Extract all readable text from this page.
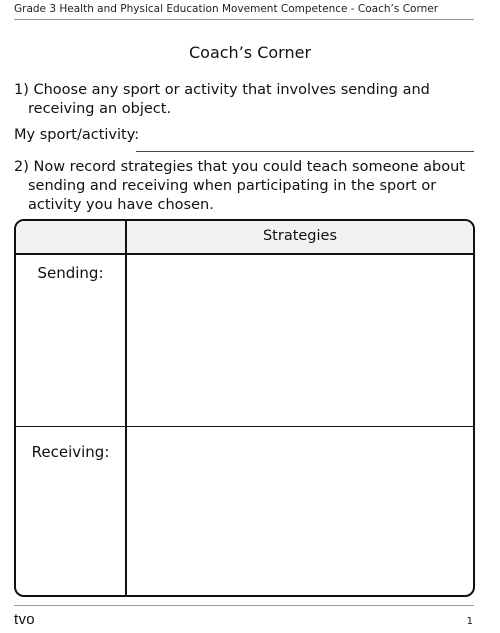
Grade 3 Health and Physical Education Movement Competence - Coach’s Corner
Coach’s Corner
1) Choose any sport or activity that involves sending and receiving an object.
My sport/activity:
2) Now record strategies that you could teach someone about sending and receiving when participating in the sport or activity you have chosen.
Strategies
Sending:
Receiving:
tvo	1
